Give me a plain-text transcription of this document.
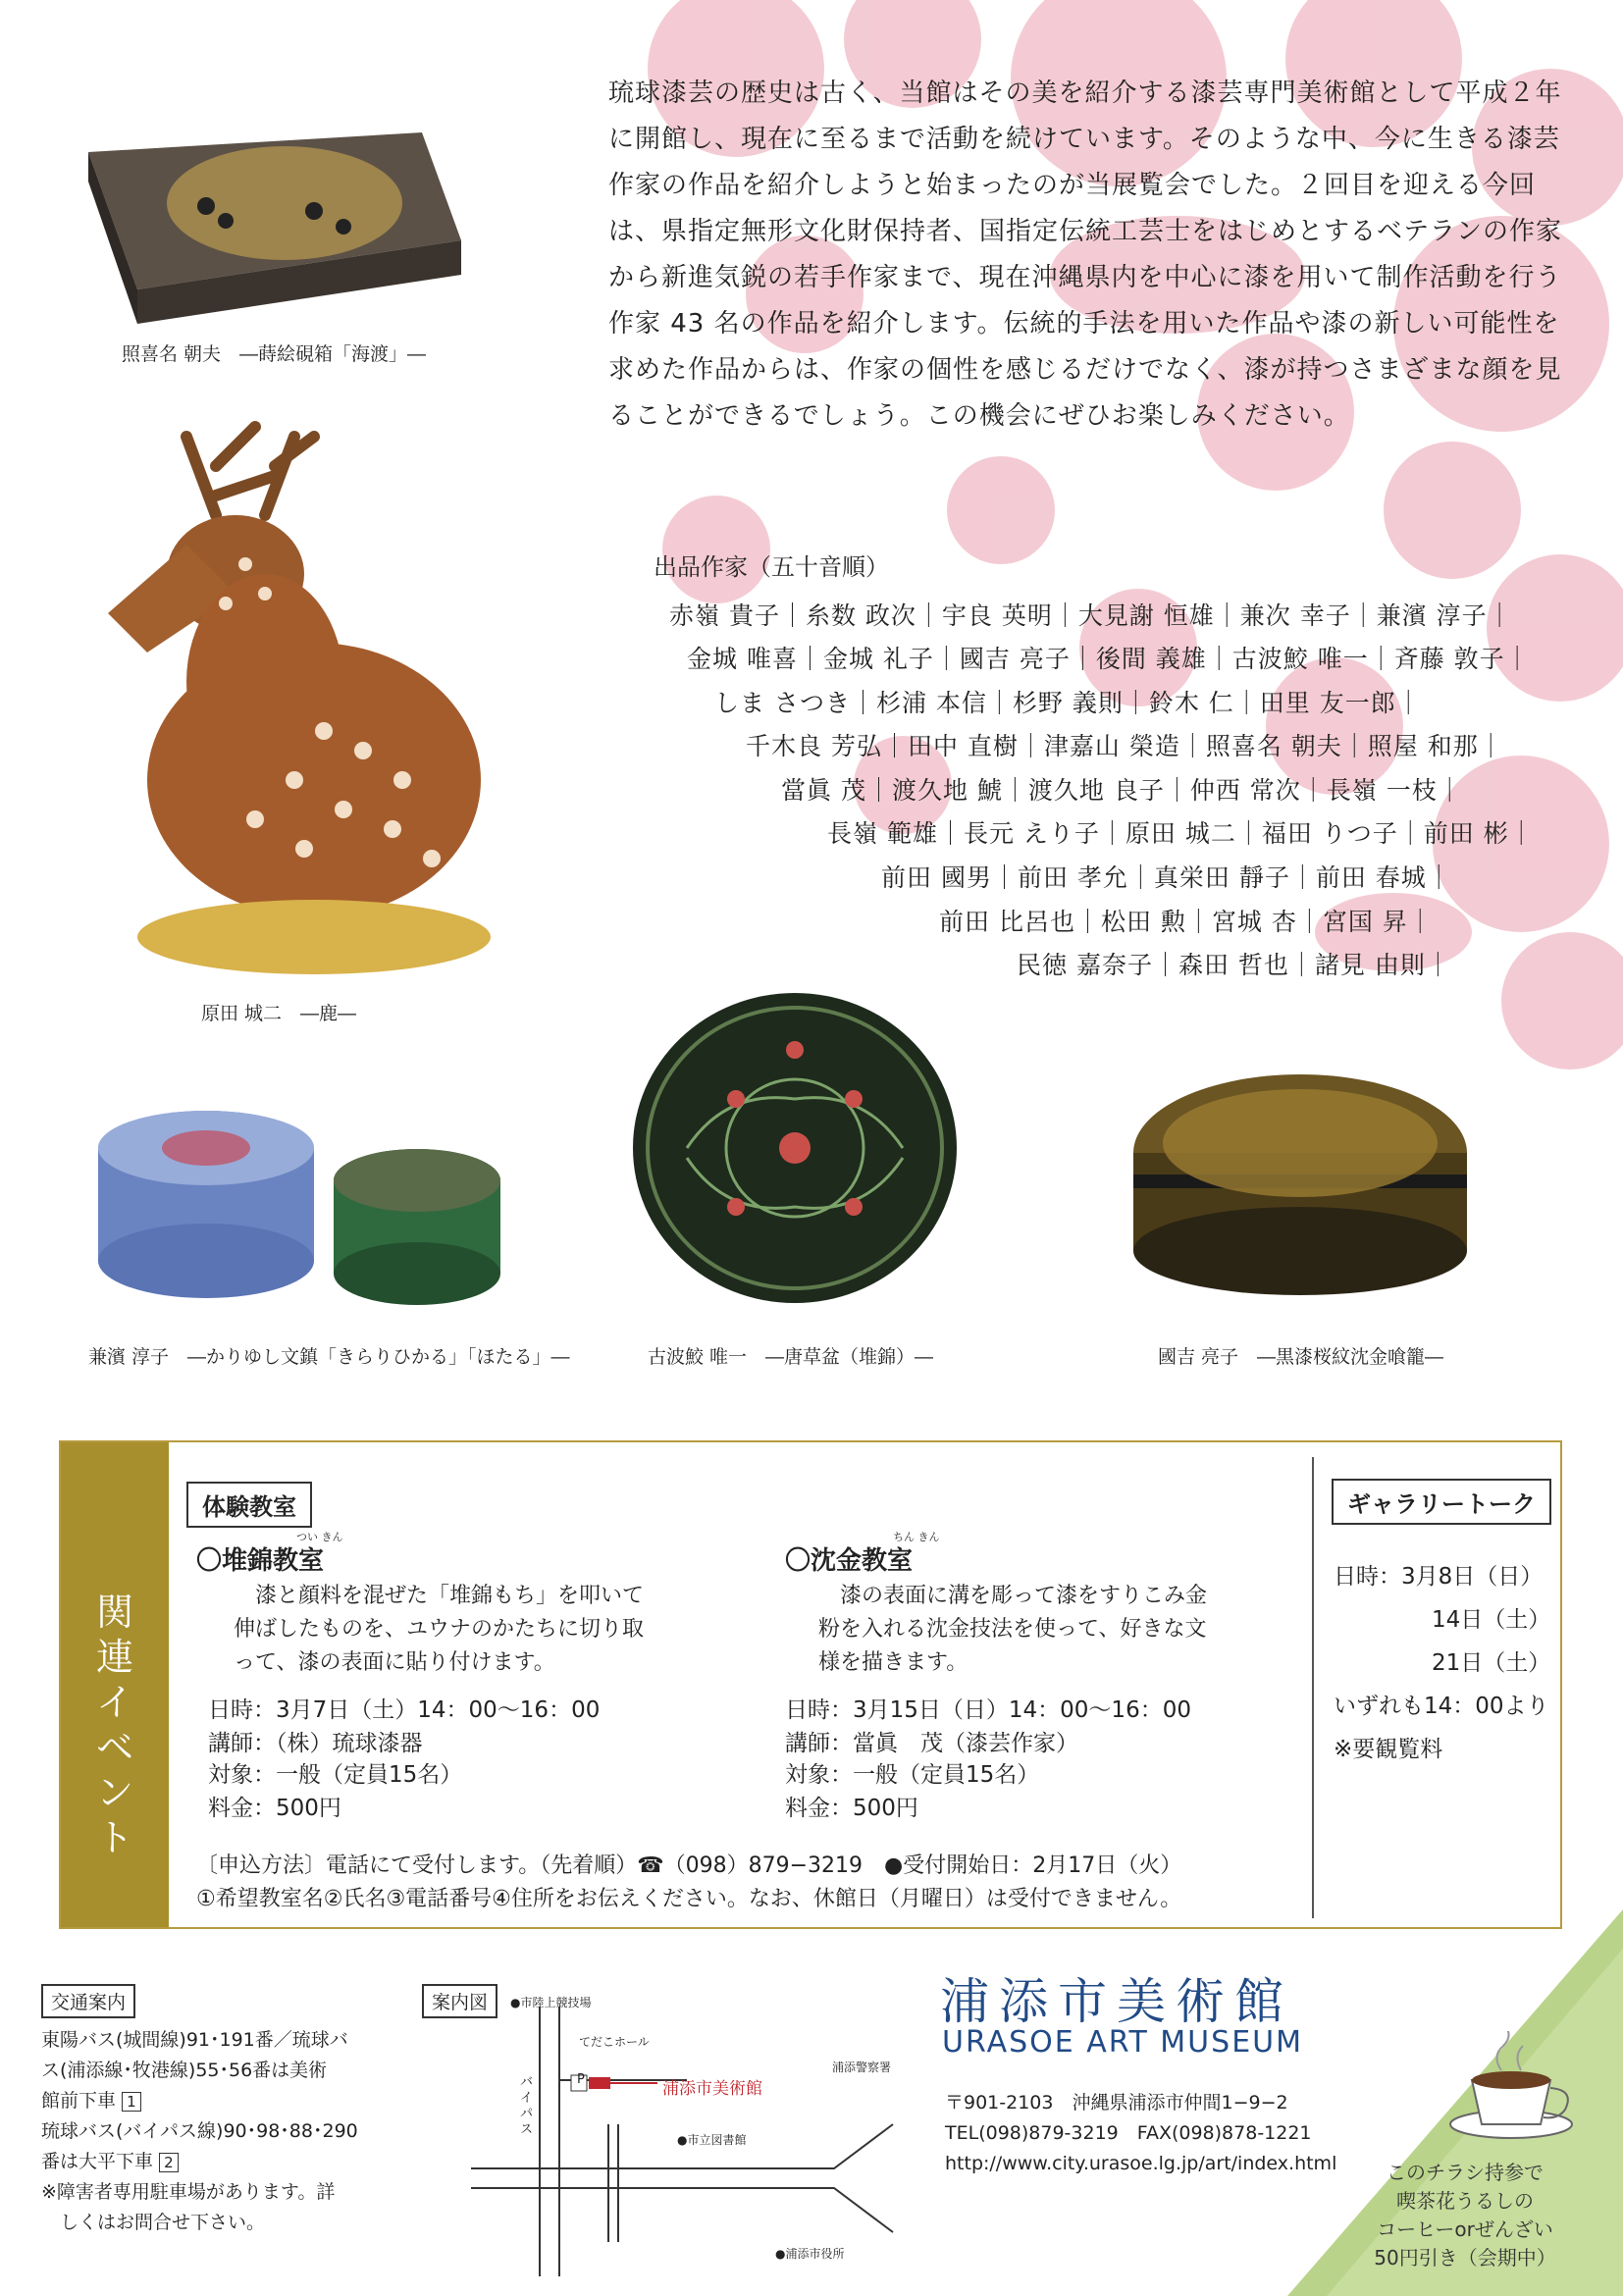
琉球漆芸の歴史は古く、当館はその美を紹介する漆芸専門美術館として平成２年に開館し、現在に至るまで活動を続けています。そのような中、今に生きる漆芸作家の作品を紹介しようと始まったのが当展覧会でした。２回目を迎える今回は、県指定無形文化財保持者、国指定伝統工芸士をはじめとするベテランの作家から新進気鋭の若手作家まで、現在沖縄県内を中心に漆を用いて制作活動を行う作家 43 名の作品を紹介します。伝統的手法を用いた作品や漆の新しい可能性を求めた作品からは、作家の個性を感じるだけでなく、漆が持つさまざまな顔を見ることができるでしょう。この機会にぜひお楽しみください。

照喜名 朝夫　―蒔絵硯箱「海渡」―
原田 城二　―鹿―
兼濱 淳子　―かりゆし文鎮「きらりひかる」「ほたる」―	古波鮫 唯一　―唐草盆（堆錦）―	國吉 亮子　―黒漆桜紋沈金喰籠―
出品作家（五十音順）
赤嶺 貴子｜糸数 政次｜宇良 英明｜大見謝 恒雄｜兼次 幸子｜兼濱 淳子｜
金城 唯喜｜金城 礼子｜國吉 亮子｜後間 義雄｜古波鮫 唯一｜斉藤 敦子｜
しま さつき｜杉浦 本信｜杉野 義則｜鈴木 仁｜田里 友一郎｜
千木良 芳弘｜田中 直樹｜津嘉山 榮造｜照喜名 朝夫｜照屋 和那｜
當眞 茂｜渡久地 鯱｜渡久地 良子｜仲西 常次｜長嶺 一枝｜
長嶺 範雄｜長元 えり子｜原田 城二｜福田 りつ子｜前田 彬｜
前田 國男｜前田 孝允｜真栄田 靜子｜前田 春城｜
前田 比呂也｜松田 勲｜宮城 杏｜宮国 昇｜
民徳 嘉奈子｜森田 哲也｜諸見 由則｜
関連イベント
体験教室
つい きん
〇堆錦教室
漆と顔料を混ぜた「堆錦もち」を叩いて
伸ばしたものを、ユウナのかたちに切り取
って、漆の表面に貼り付けます。
日時：3月7日（土）14：00〜16：00
講師：（株）琉球漆器
対象：一般（定員15名）
料金：500円
ちん きん
〇沈金教室
漆の表面に溝を彫って漆をすりこみ金
粉を入れる沈金技法を使って、好きな文
様を描きます。
日時：3月15日（日）14：00〜16：00
講師：當眞　茂（漆芸作家）
対象：一般（定員15名）
料金：500円
〔申込方法〕電話にて受付します。（先着順）☎（098）879−3219　●受付開始日：2月17日（火）
①希望教室名②氏名③電話番号④住所をお伝えください。なお、休館日（月曜日）は受付できません。
ギャラリートーク
日時：3月8日（日）
14日（土）
21日（土）
いずれも14：00より
※要観覧料
交通案内
東陽バス(城間線)91･191番／琉球バ
ス(浦添線･牧港線)55･56番は美術
館前下車 1
琉球バス(バイパス線)90･98･88･290
番は大平下車 2
※障害者専用駐車場があります。詳
　しくはお問合せ下さい。
案内図	●市陸上競技場
てだこホール
P	浦添市美術館
浦添警察署
●市立図書館
●浦添市役所
バイパス
浦添市美術館
URASOE ART MUSEUM
〒901-2103　沖縄県浦添市仲間1−9−2
TEL(098)879-3219　FAX(098)878-1221
http://www.city.urasoe.lg.jp/art/index.html	このチラシ持参で
喫茶花うるしの
コーヒーorぜんざい
50円引き（会期中）
